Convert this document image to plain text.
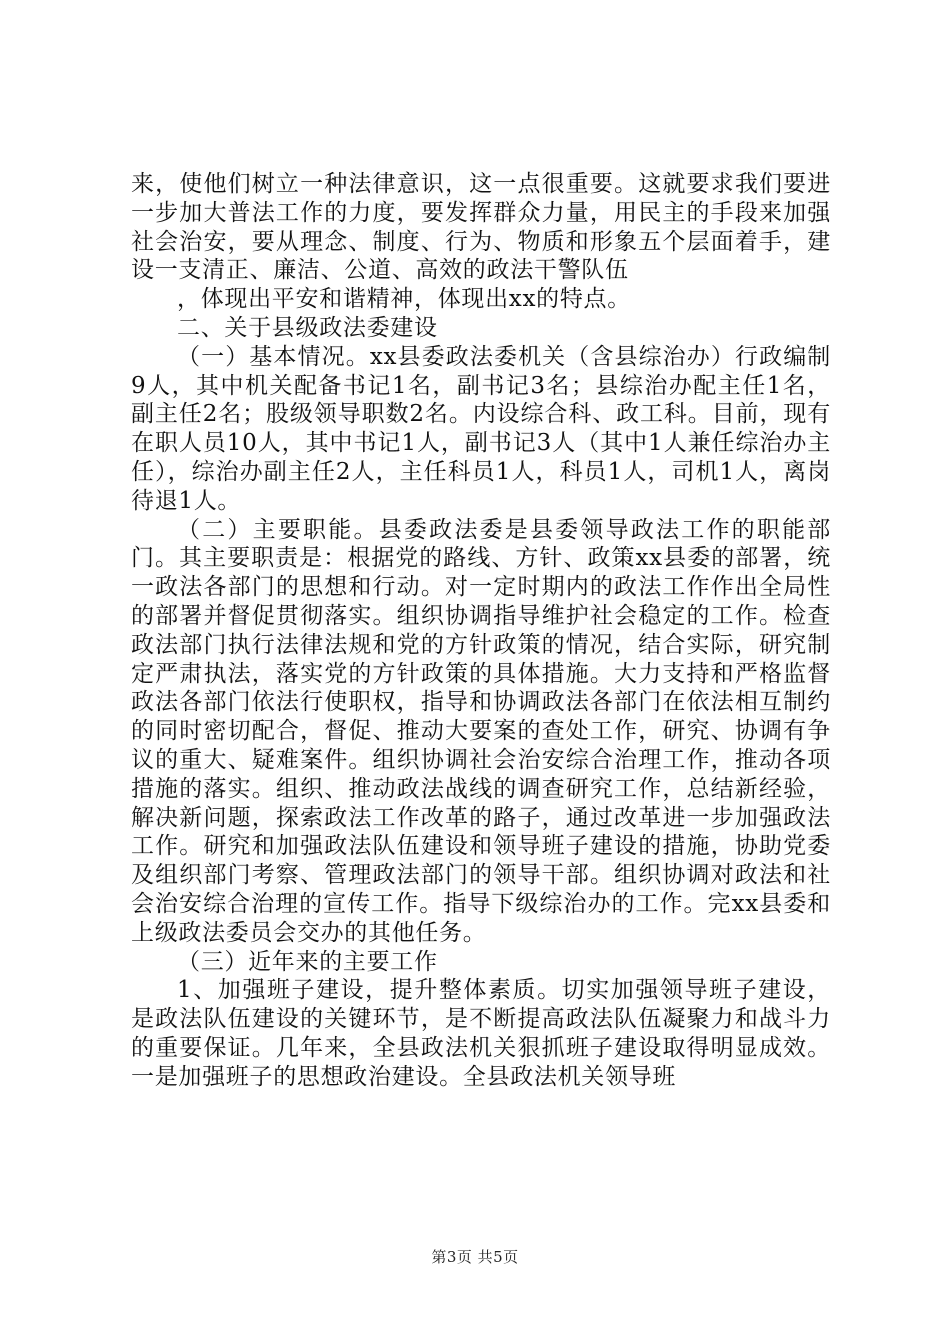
来，使他们树立一种法律意识，这一点很重要。这就要求我们要进一步加大普法工作的力度，要发挥群众力量，用民主的手段来加强社会治安，要从理念、制度、行为、物质和形象五个层面着手，建设一支清正、廉洁、公道、高效的政法干警队伍

，体现出平安和谐精神，体现出xx的特点。

二、关于县级政法委建设

（一）基本情况。xx县委政法委机关（含县综治办）行政编制9人，其中机关配备书记1名，副书记3名；县综治办配主任1名，副主任2名；股级领导职数2名。内设综合科、政工科。目前，现有在职人员10人，其中书记1人，副书记3人（其中1人兼任综治办主任），综治办副主任2人，主任科员1人，科员1人，司机1人，离岗待退1人。

（二）主要职能。县委政法委是县委领导政法工作的职能部门。其主要职责是：根据党的路线、方针、政策xx县委的部署，统一政法各部门的思想和行动。对一定时期内的政法工作作出全局性的部署并督促贯彻落实。组织协调指导维护社会稳定的工作。检查政法部门执行法律法规和党的方针政策的情况，结合实际，研究制定严肃执法，落实党的方针政策的具体措施。大力支持和严格监督政法各部门依法行使职权，指导和协调政法各部门在依法相互制约的同时密切配合，督促、推动大要案的查处工作，研究、协调有争议的重大、疑难案件。组织协调社会治安综合治理工作，推动各项措施的落实。组织、推动政法战线的调查研究工作，总结新经验，解决新问题，探索政法工作改革的路子，通过改革进一步加强政法工作。研究和加强政法队伍建设和领导班子建设的措施，协助党委及组织部门考察、管理政法部门的领导干部。组织协调对政法和社会治安综合治理的宣传工作。指导下级综治办的工作。完xx县委和上级政法委员会交办的其他任务。

（三）近年来的主要工作

1、加强班子建设，提升整体素质。切实加强领导班子建设，是政法队伍建设的关键环节，是不断提高政法队伍凝聚力和战斗力的重要保证。几年来，全县政法机关狠抓班子建设取得明显成效。一是加强班子的思想政治建设。全县政法机关领导班

第3页 共5页
